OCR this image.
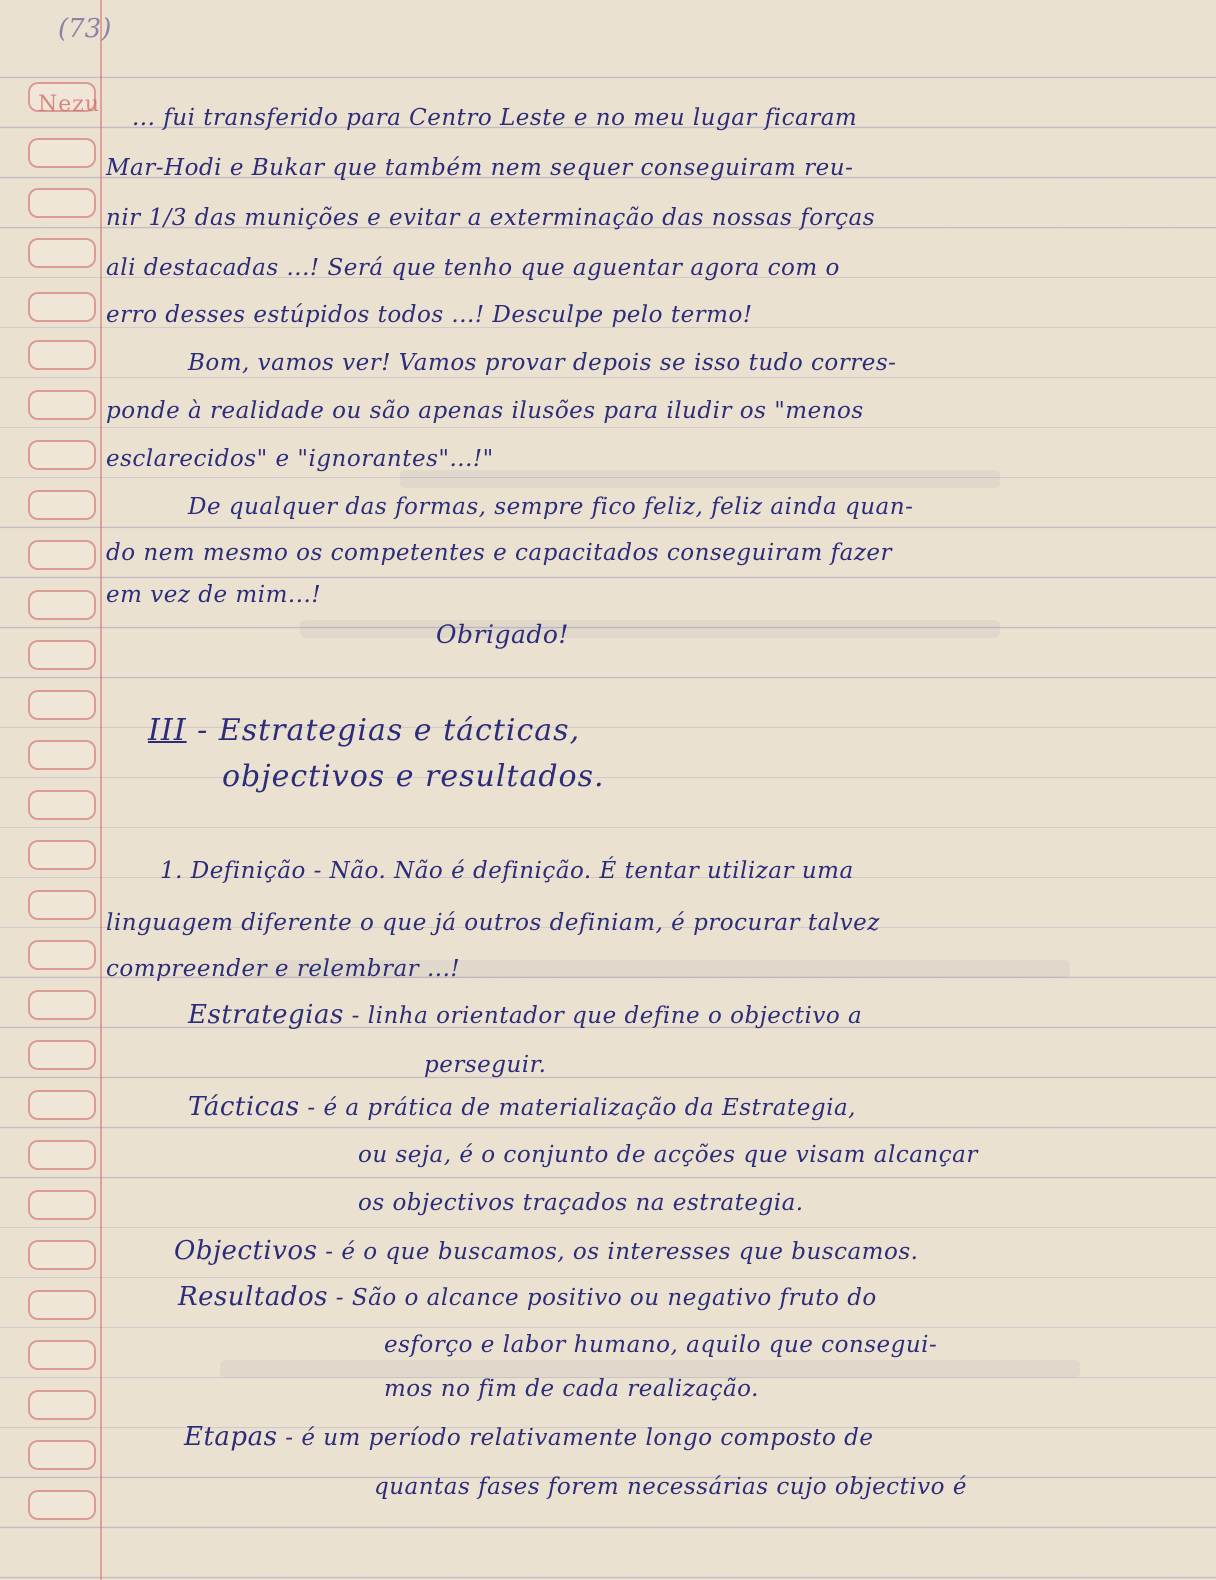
(73)
Nezu
... fui transferido para Centro Leste e no meu lugar ficaram
Mar-Hodi e Bukar que também nem sequer conseguiram reu-
nir 1/3 das munições e evitar a exterminação das nossas forças
ali destacadas ...! Será que tenho que aguentar agora com o
erro desses estúpidos todos ...! Desculpe pelo termo!
Bom, vamos ver! Vamos provar depois se isso tudo corres-
ponde à realidade ou são apenas ilusões para iludir os "menos
esclarecidos" e "ignorantes"...!"
De qualquer das formas, sempre fico feliz, feliz ainda quan-
do nem mesmo os competentes e capacitados conseguiram fazer
em vez de mim...!
Obrigado!
III - Estrategias e tácticas,
objectivos e resultados.
1. Definição - Não. Não é definição. É tentar utilizar uma
linguagem diferente o que já outros definiam, é procurar talvez
compreender e relembrar ...!
Estrategias - linha orientador que define o objectivo a
perseguir.
Tácticas - é a prática de materialização da Estrategia,
ou seja, é o conjunto de acções que visam alcançar
os objectivos traçados na estrategia.
Objectivos - é o que buscamos, os interesses que buscamos.
Resultados - São o alcance positivo ou negativo fruto do
esforço e labor humano, aquilo que consegui-
mos no fim de cada realização.
Etapas - é um período relativamente longo composto de
quantas fases forem necessárias cujo objectivo é
